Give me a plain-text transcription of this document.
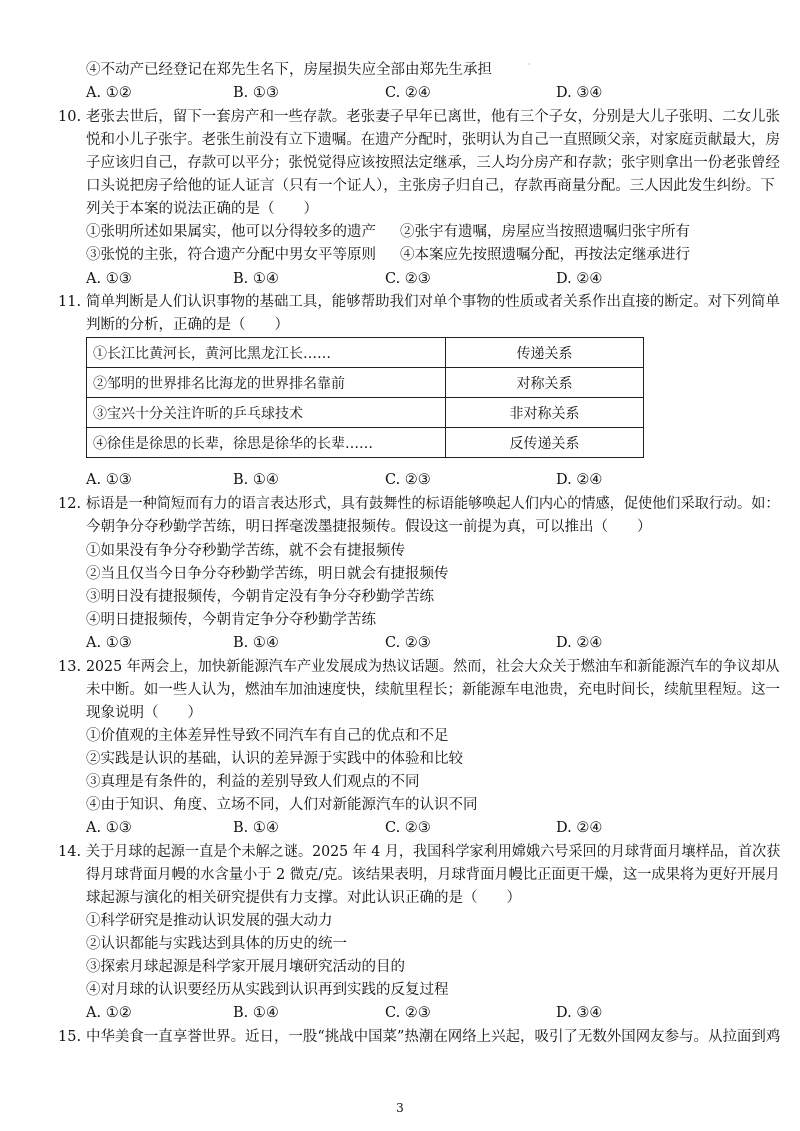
·
④不动产已经登记在郑先生名下，房屋损失应全部由郑先生承担
A. ①②	B. ①③	C. ②④	D. ③④
10. 老张去世后，留下一套房产和一些存款。老张妻子早年已离世，他有三个子女，分别是大儿子张明、二女儿张
悦和小儿子张宇。老张生前没有立下遗嘱。在遗产分配时，张明认为自己一直照顾父亲，对家庭贡献最大，房
子应该归自己，存款可以平分；张悦觉得应该按照法定继承，三人均分房产和存款；张宇则拿出一份老张曾经
口头说把房子给他的证人证言（只有一个证人），主张房子归自己，存款再商量分配。三人因此发生纠纷。下
列关于本案的说法正确的是（　　）
①张明所述如果属实，他可以分得较多的遗产 ②张宇有遗嘱，房屋应当按照遗嘱归张宇所有
③张悦的主张，符合遗产分配中男女平等原则 ④本案应先按照遗嘱分配，再按法定继承进行
A. ①③	B. ①④	C. ②③	D. ②④
11. 简单判断是人们认识事物的基础工具，能够帮助我们对单个事物的性质或者关系作出直接的断定。对下列简单
判断的分析，正确的是（　　）
①长江比黄河长，黄河比黑龙江长……	传递关系
②邹明的世界排名比海龙的世界排名靠前	对称关系
③宝兴十分关注许昕的乒乓球技术	非对称关系
④徐佳是徐思的长辈，徐思是徐华的长辈……	反传递关系
A. ①③	B. ①④	C. ②③	D. ②④
12. 标语是一种简短而有力的语言表达形式，具有鼓舞性的标语能够唤起人们内心的情感，促使他们采取行动。如：
今朝争分夺秒勤学苦练，明日挥毫泼墨捷报频传。假设这一前提为真，可以推出（　　）
①如果没有争分夺秒勤学苦练，就不会有捷报频传
②当且仅当今日争分夺秒勤学苦练，明日就会有捷报频传
③明日没有捷报频传，今朝肯定没有争分夺秒勤学苦练
④明日捷报频传，今朝肯定争分夺秒勤学苦练
A. ①③	B. ①④	C. ②③	D. ②④
13. 2025 年两会上，加快新能源汽车产业发展成为热议话题。然而，社会大众关于燃油车和新能源汽车的争议却从
未中断。如一些人认为，燃油车加油速度快，续航里程长；新能源车电池贵，充电时间长，续航里程短。这一
现象说明（　　）
①价值观的主体差异性导致不同汽车有自己的优点和不足
②实践是认识的基础，认识的差异源于实践中的体验和比较
③真理是有条件的，利益的差别导致人们观点的不同
④由于知识、角度、立场不同，人们对新能源汽车的认识不同
A. ①③	B. ①④	C. ②③	D. ②④
14. 关于月球的起源一直是个未解之谜。2025 年 4 月，我国科学家利用嫦娥六号采回的月球背面月壤样品，首次获
得月球背面月幔的水含量小于 2 微克/克。该结果表明，月球背面月幔比正面更干燥，这一成果将为更好开展月
球起源与演化的相关研究提供有力支撑。对此认识正确的是（　　）
①科学研究是推动认识发展的强大动力
②认识都能与实践达到具体的历史的统一
③探索月球起源是科学家开展月壤研究活动的目的
④对月球的认识要经历从实践到认识再到实践的反复过程
A. ①②	B. ①④	C. ②③	D. ③④
15. 中华美食一直享誉世界。近日，一股“挑战中国菜”热潮在网络上兴起，吸引了无数外国网友参与。从拉面到鸡
3
